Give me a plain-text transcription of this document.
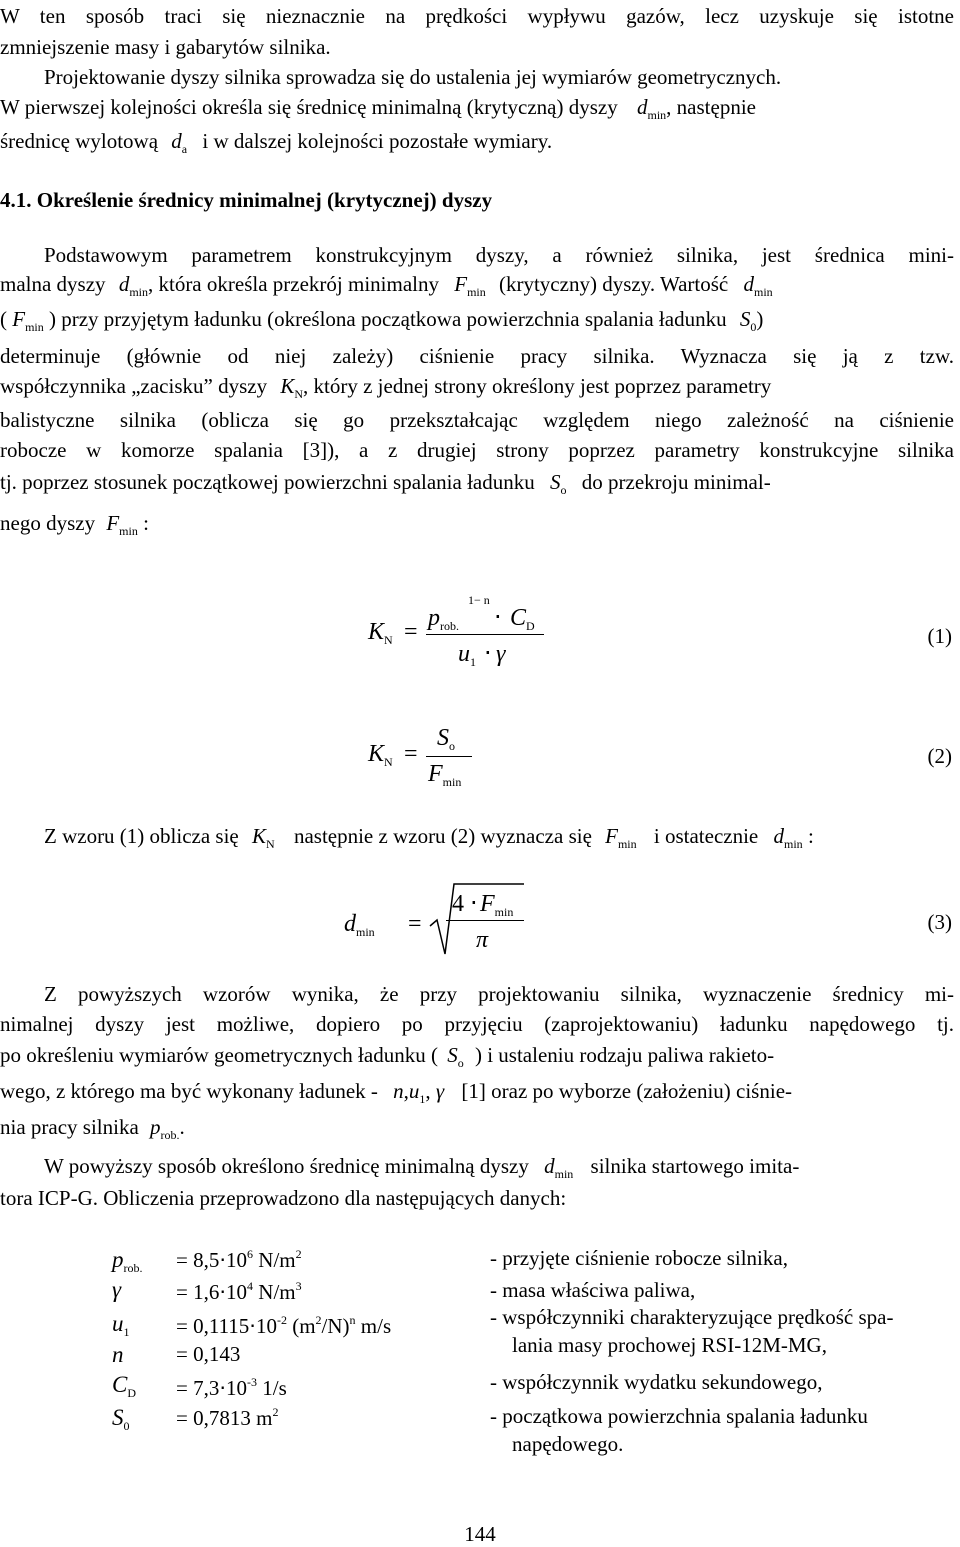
W ten sposób traci się nieznacznie na prędkości wypływu gazów, lecz uzyskuje się istotne
zmniejszenie masy i gabarytów silnika.
Projektowanie dyszy silnika sprowadza się do ustalenia jej wymiarów geometrycznych.
W pierwszej kolejności określa się średnicę minimalną (krytyczną) dyszy $d_{min}$, następnie
średnicę wylotową $d_a$ i w dalszej kolejności pozostałe wymiary.
4.1. Określenie średnicy minimalnej (krytycznej) dyszy
Podstawowym parametrem konstrukcyjnym dyszy, a również silnika, jest średnica mini-
malna dyszy $d_{min}$, która określa przekrój minimalny $F_{min}$ (krytyczny) dyszy. Wartość $d_{min}$
( $F_{min}$ ) przy przyjętym ładunku (określona początkowa powierzchnia spalania ładunku $S_0$)
determinuje (głównie od niej zależy) ciśnienie pracy silnika. Wyznacza się ją z tzw.
współczynnika „zacisku” dyszy $K_N$, który z jednej strony określony jest poprzez parametry
balistyczne silnika (oblicza się go przekształcając względem niego zależność na ciśnienie
robocze w komorze spalania [3]), a z drugiej strony poprzez parametry konstrukcyjne silnika
tj. poprzez stosunek początkowej powierzchni spalania ładunku $S_o$ do przekroju minimal-
nego dyszy $F_{min}$ :
$K_N$ =
1− n
$p_{rob.} \cdot C_D$
$u_1 \cdot \gamma$
(1)
$K_N$ =
$S_o$
$F_{min}$
(2)
Z wzoru (1) oblicza się $K_N$ następnie z wzoru (2) wyznacza się $F_{min}$ i ostatecznie $d_{min}$ :
$d_{min}$ =
$4 \cdot F_{min}$
π
(3)
Z powyższych wzorów wynika, że przy projektowaniu silnika, wyznaczenie średnicy mi-
nimalnej dyszy jest możliwe, dopiero po przyjęciu (zaprojektowaniu) ładunku napędowego tj.
po określeniu wymiarów geometrycznych ładunku ( $S_o$ ) i ustaleniu rodzaju paliwa rakieto-
wego, z którego ma być wykonany ładunek - $n,u_1$, γ [1] oraz po wyborze (założeniu) ciśnie-
nia pracy silnika $p_{rob.}$.
W powyższy sposób określono średnicę minimalną dyszy $d_{min}$ silnika startowego imita-
tora ICP-G. Obliczenia przeprowadzono dla następujących danych:
$p_{rob.} = 8,5\cdot 10^6$ $N/m^2$	- przyjęte ciśnienie robocze silnika,
γ	= $1,6\cdot 10^4$ $N/m^3$	- masa właściwa paliwa,
$u_1 = 0,1115\cdot 10^{-2}$ $(m^2/N)^n$ m/s	- współczynniki charakteryzujące prędkość spa-
lania masy prochowej RSI-12M-MG,
n	= 0,143
$C_D = 7,3\cdot 10^{-3}$ 1/s	- współczynnik wydatku sekundowego,
$S_0 = 0,7813$ $m^2$	- początkowa powierzchnia spalania ładunku
napędowego.
144
